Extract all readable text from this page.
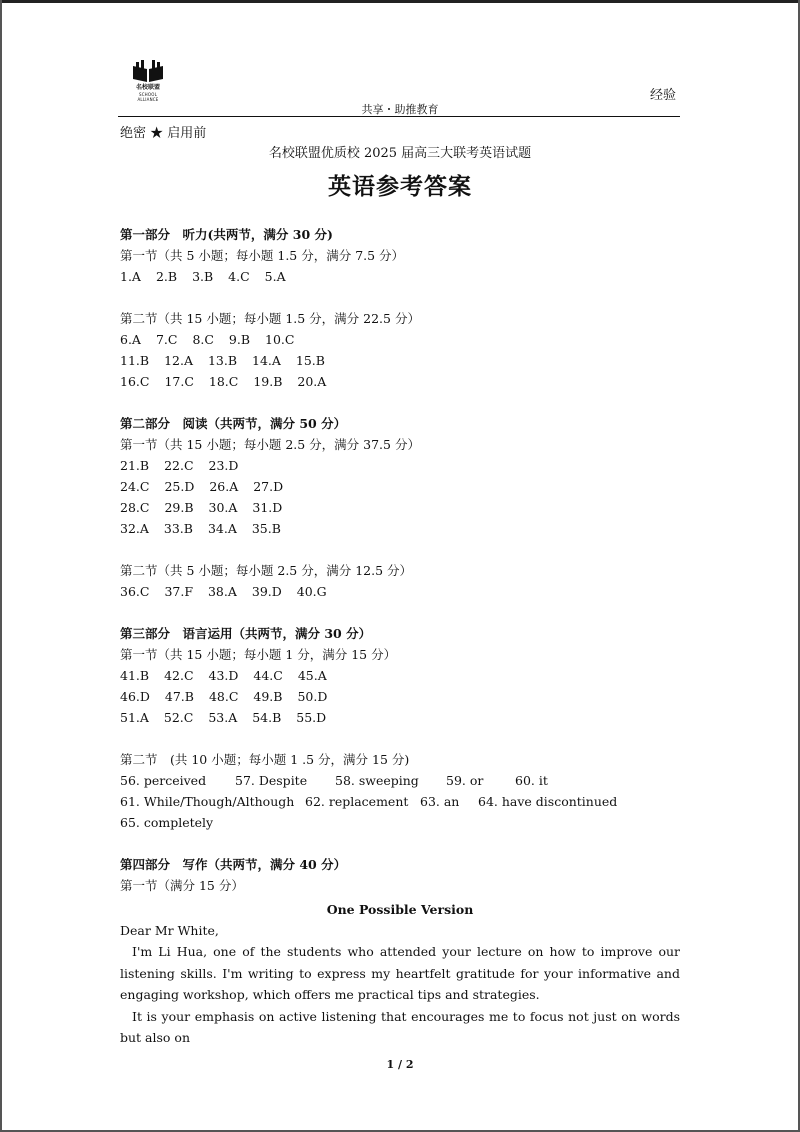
名校联盟
SCHOOL ALLIANCE	经验
共享・助推教育
绝密 ★ 启用前
名校联盟优质校 2025 届高三大联考英语试题
英语参考答案
第一部分　听力(共两节，满分 30 分)
第一节（共 5 小题；每小题 1.5 分，满分 7.5 分）
1.A 2.B 3.B 4.C 5.A
第二节（共 15 小题；每小题 1.5 分，满分 22.5 分）
6.A 7.C 8.C 9.B 10.C
11.B 12.A 13.B 14.A 15.B
16.C 17.C 18.C 19.B 20.A
第二部分　阅读（共两节，满分 50 分）
第一节（共 15 小题；每小题 2.5 分，满分 37.5 分）
21.B 22.C 23.D
24.C 25.D 26.A 27.D
28.C 29.B 30.A 31.D
32.A 33.B 34.A 35.B
第二节（共 5 小题；每小题 2.5 分，满分 12.5 分）
36.C 37.F 38.A 39.D 40.G
第三部分　语言运用（共两节，满分 30 分）
第一节（共 15 小题；每小题 1 分，满分 15 分）
41.B 42.C 43.D 44.C 45.A
46.D 47.B 48.C 49.B 50.D
51.A 52.C 53.A 54.B 55.D
第二节　(共 10 小题；每小题 1 .5 分，满分 15 分)
56. perceived 57. Despite 58. sweeping 59. or	60. it
61. While/Though/Although 62. replacement 63. an 64. have discontinued
65. completely
第四部分　写作（共两节，满分 40 分）
第一节（满分 15 分）
One Possible Version
Dear Mr White,
I'm Li Hua, one of the students who attended your lecture on how to improve our listening skills. I'm writing to express my heartfelt gratitude for your informative and engaging workshop, which offers me practical tips and strategies.
It is your emphasis on active listening that encourages me to focus not just on words but also on
1 / 2
